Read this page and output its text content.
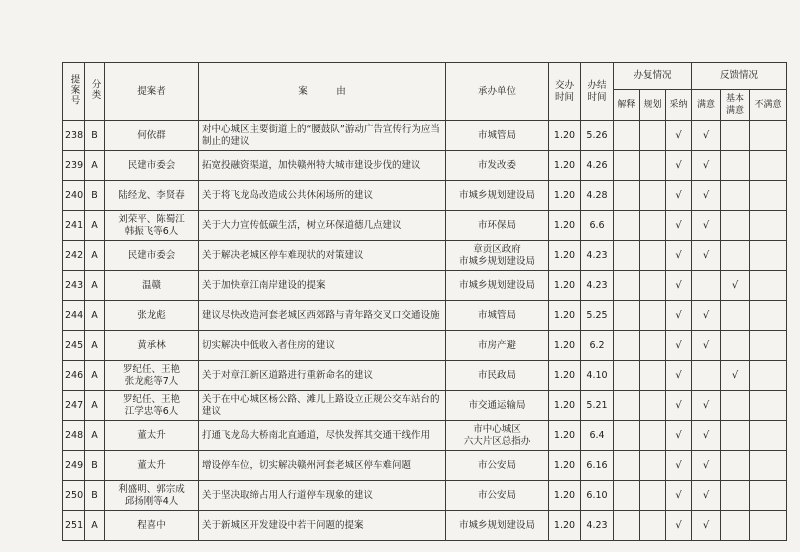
提案号	分类	提案者	案　　　由	承办单位	交办时间	办结时间	办复情况			反馈情况		
							解释	规划	采纳	满意	基本满意	不满意
238	B	何依群	对中心城区主要街道上的“腰鼓队”游动广告宣传行为应当制止的建议	市城管局	1.20	5.26			√	√		
239	A	民建市委会	拓宽投融资渠道，加快赣州特大城市建设步伐的建议	市发改委	1.20	4.26			√	√		
240	B	陆经龙、李贤春	关于将飞龙岛改造成公共休闲场所的建议	市城乡规划建设局	1.20	4.28			√	√		
241	A	刘荣平、陈蜀江
韩振飞等6人	关于大力宣传低碳生活，树立环保道德几点建议	市环保局	1.20	6.6			√	√		
242	A	民建市委会	关于解决老城区停车难现状的对策建议	章贡区政府
市城乡规划建设局	1.20	4.23			√	√		
243	A	温赣	关于加快章江南岸建设的提案	市城乡规划建设局	1.20	4.23			√		√	
244	A	张龙彪	建议尽快改造河套老城区西郊路与青年路交叉口交通设施	市城管局	1.20	5.25			√	√		
245	A	黄承林	切实解决中低收入者住房的建议	市房产避	1.20	6.2			√	√		
246	A	罗纪任、王艳
张龙彪等7人	关于对章江新区道路进行重新命名的建议	市民政局	1.20	4.10			√		√	
247	A	罗纪任、王艳
江学忠等6人	关于在中心城区杨公路、滩儿上路设立正规公交车站台的建议	市交通运输局	1.20	5.21			√	√		
248	A	董太升	打通飞龙岛大桥南北直通道，尽快发挥其交通干线作用	市中心城区
六大片区总指办	1.20	6.4			√	√		
249	B	董太升	增设停车位，切实解决赣州河套老城区停车难问题	市公安局	1.20	6.16			√	√		
250	B	利盛明、郭宗成
邱扬刚等4人	关于坚决取缔占用人行道停车现象的建议	市公安局	1.20	6.10			√	√		
251	A	程喜中	关于新城区开发建设中若干问题的提案	市城乡规划建设局	1.20	4.23			√	√		
